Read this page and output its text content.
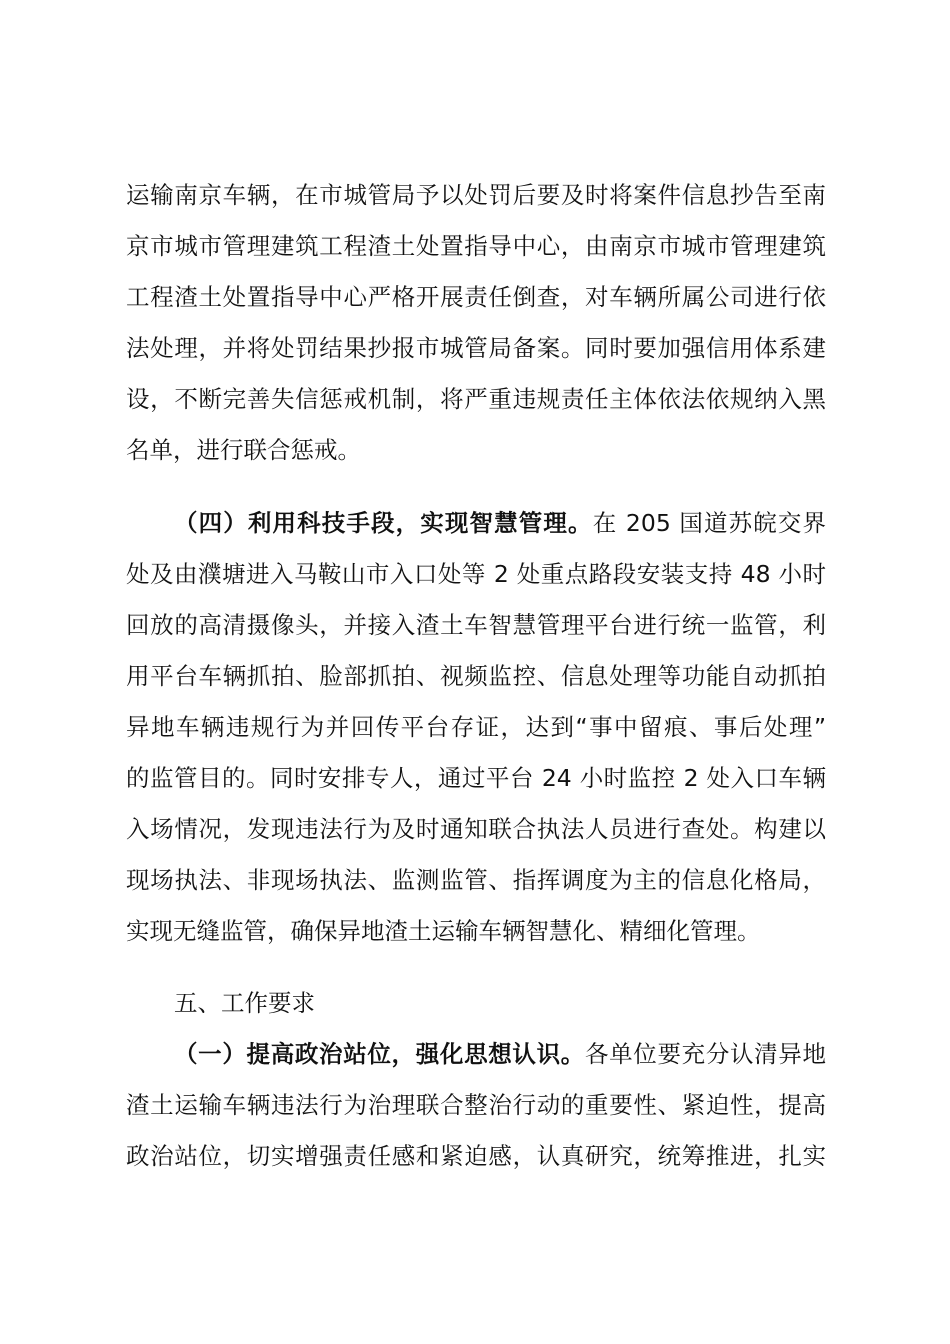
运输南京车辆，在市城管局予以处罚后要及时将案件信息抄告至南
京市城市管理建筑工程渣土处置指导中心，由南京市城市管理建筑
工程渣土处置指导中心严格开展责任倒查，对车辆所属公司进行依
法处理，并将处罚结果抄报市城管局备案。同时要加强信用体系建
设，不断完善失信惩戒机制，将严重违规责任主体依法依规纳入黑
名单，进行联合惩戒。
（四）利用科技手段，实现智慧管理。在 205 国道苏皖交界
处及由濮塘进入马鞍山市入口处等 2 处重点路段安装支持 48 小时
回放的高清摄像头，并接入渣土车智慧管理平台进行统一监管，利
用平台车辆抓拍、脸部抓拍、视频监控、信息处理等功能自动抓拍
异地车辆违规行为并回传平台存证，达到“事中留痕、事后处理”
的监管目的。同时安排专人，通过平台 24 小时监控 2 处入口车辆
入场情况，发现违法行为及时通知联合执法人员进行查处。构建以
现场执法、非现场执法、监测监管、指挥调度为主的信息化格局，
实现无缝监管，确保异地渣土运输车辆智慧化、精细化管理。
五、工作要求
（一）提高政治站位，强化思想认识。各单位要充分认清异地
渣土运输车辆违法行为治理联合整治行动的重要性、紧迫性，提高
政治站位，切实增强责任感和紧迫感，认真研究，统筹推进，扎实
